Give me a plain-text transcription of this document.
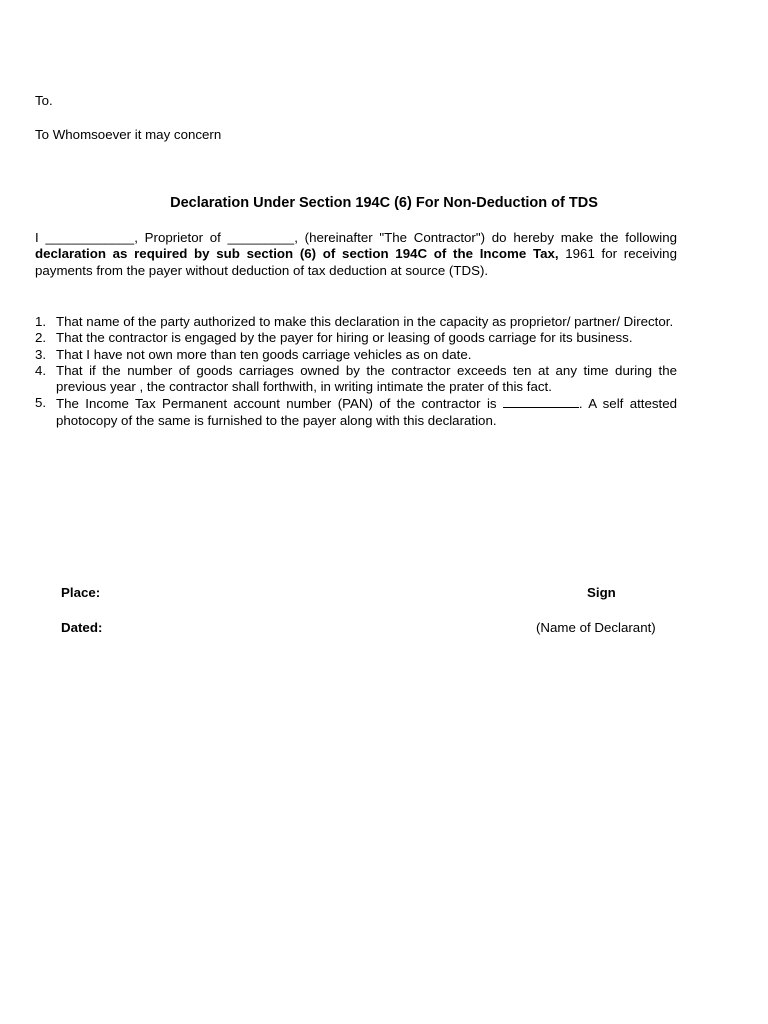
To.

To Whomsoever it may concern

Declaration Under Section 194C (6) For Non-Deduction of TDS

I ____________, Proprietor of _________, (hereinafter "The Contractor") do hereby make the following declaration as required by sub section (6) of section 194C of the Income Tax, 1961 for receiving payments from the payer without deduction of tax deduction at source (TDS).

1. That name of the party authorized to make this declaration in the capacity as proprietor/ partner/ Director.
2. That the contractor is engaged by the payer for hiring or leasing of goods carriage for its business.
3. That I have not own more than ten goods carriage vehicles as on date.
4. That if the number of goods carriages owned by the contractor exceeds ten at any time during the previous year , the contractor shall forthwith, in writing intimate the prater of this fact.
5. The Income Tax Permanent account number (PAN) of the contractor is	. A self attested photocopy of the same is furnished to the payer along with this declaration.

Place:

Dated:

Sign

(Name of Declarant)
